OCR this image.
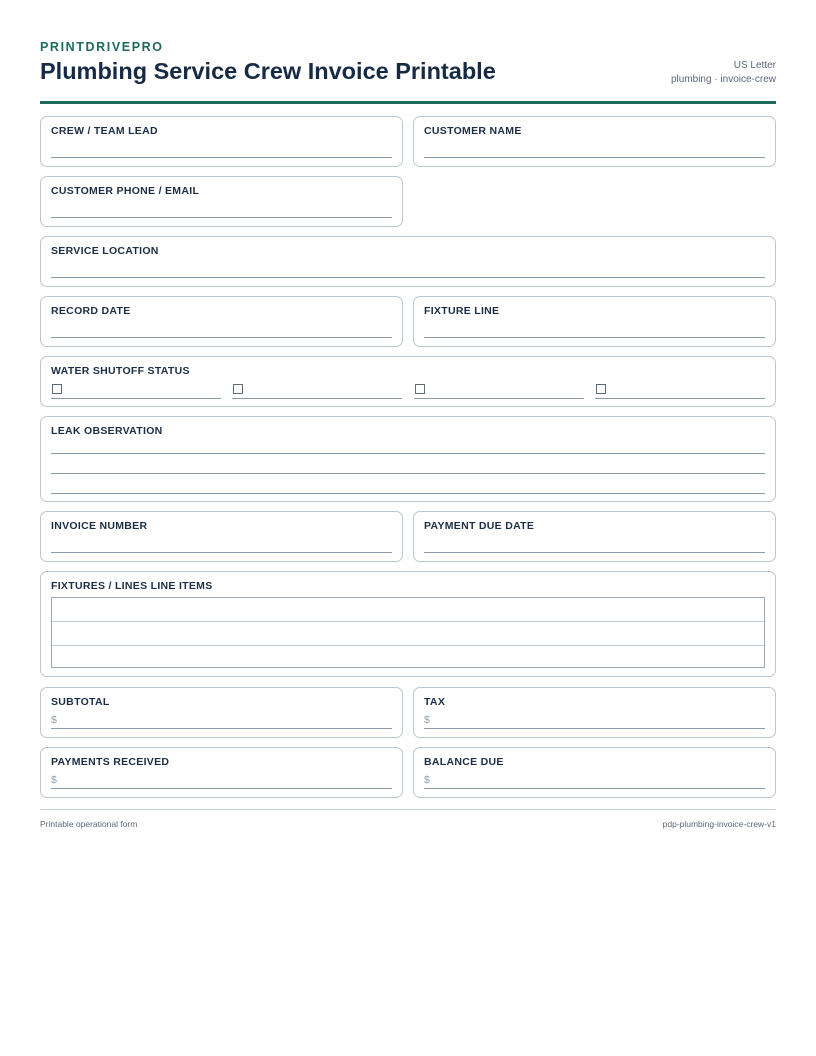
PRINTDRIVEPRO
Plumbing Service Crew Invoice Printable	US Letter
plumbing · invoice-crew
CREW / TEAM LEAD	CUSTOMER NAME
CUSTOMER PHONE / EMAIL
SERVICE LOCATION
RECORD DATE	FIXTURE LINE
WATER SHUTOFF STATUS
LEAK OBSERVATION
INVOICE NUMBER	PAYMENT DUE DATE
FIXTURES / LINES LINE ITEMS
SUBTOTAL
$
TAX
$
PAYMENTS RECEIVED
$
BALANCE DUE
$
Printable operational form	pdp-plumbing-invoice-crew-v1
